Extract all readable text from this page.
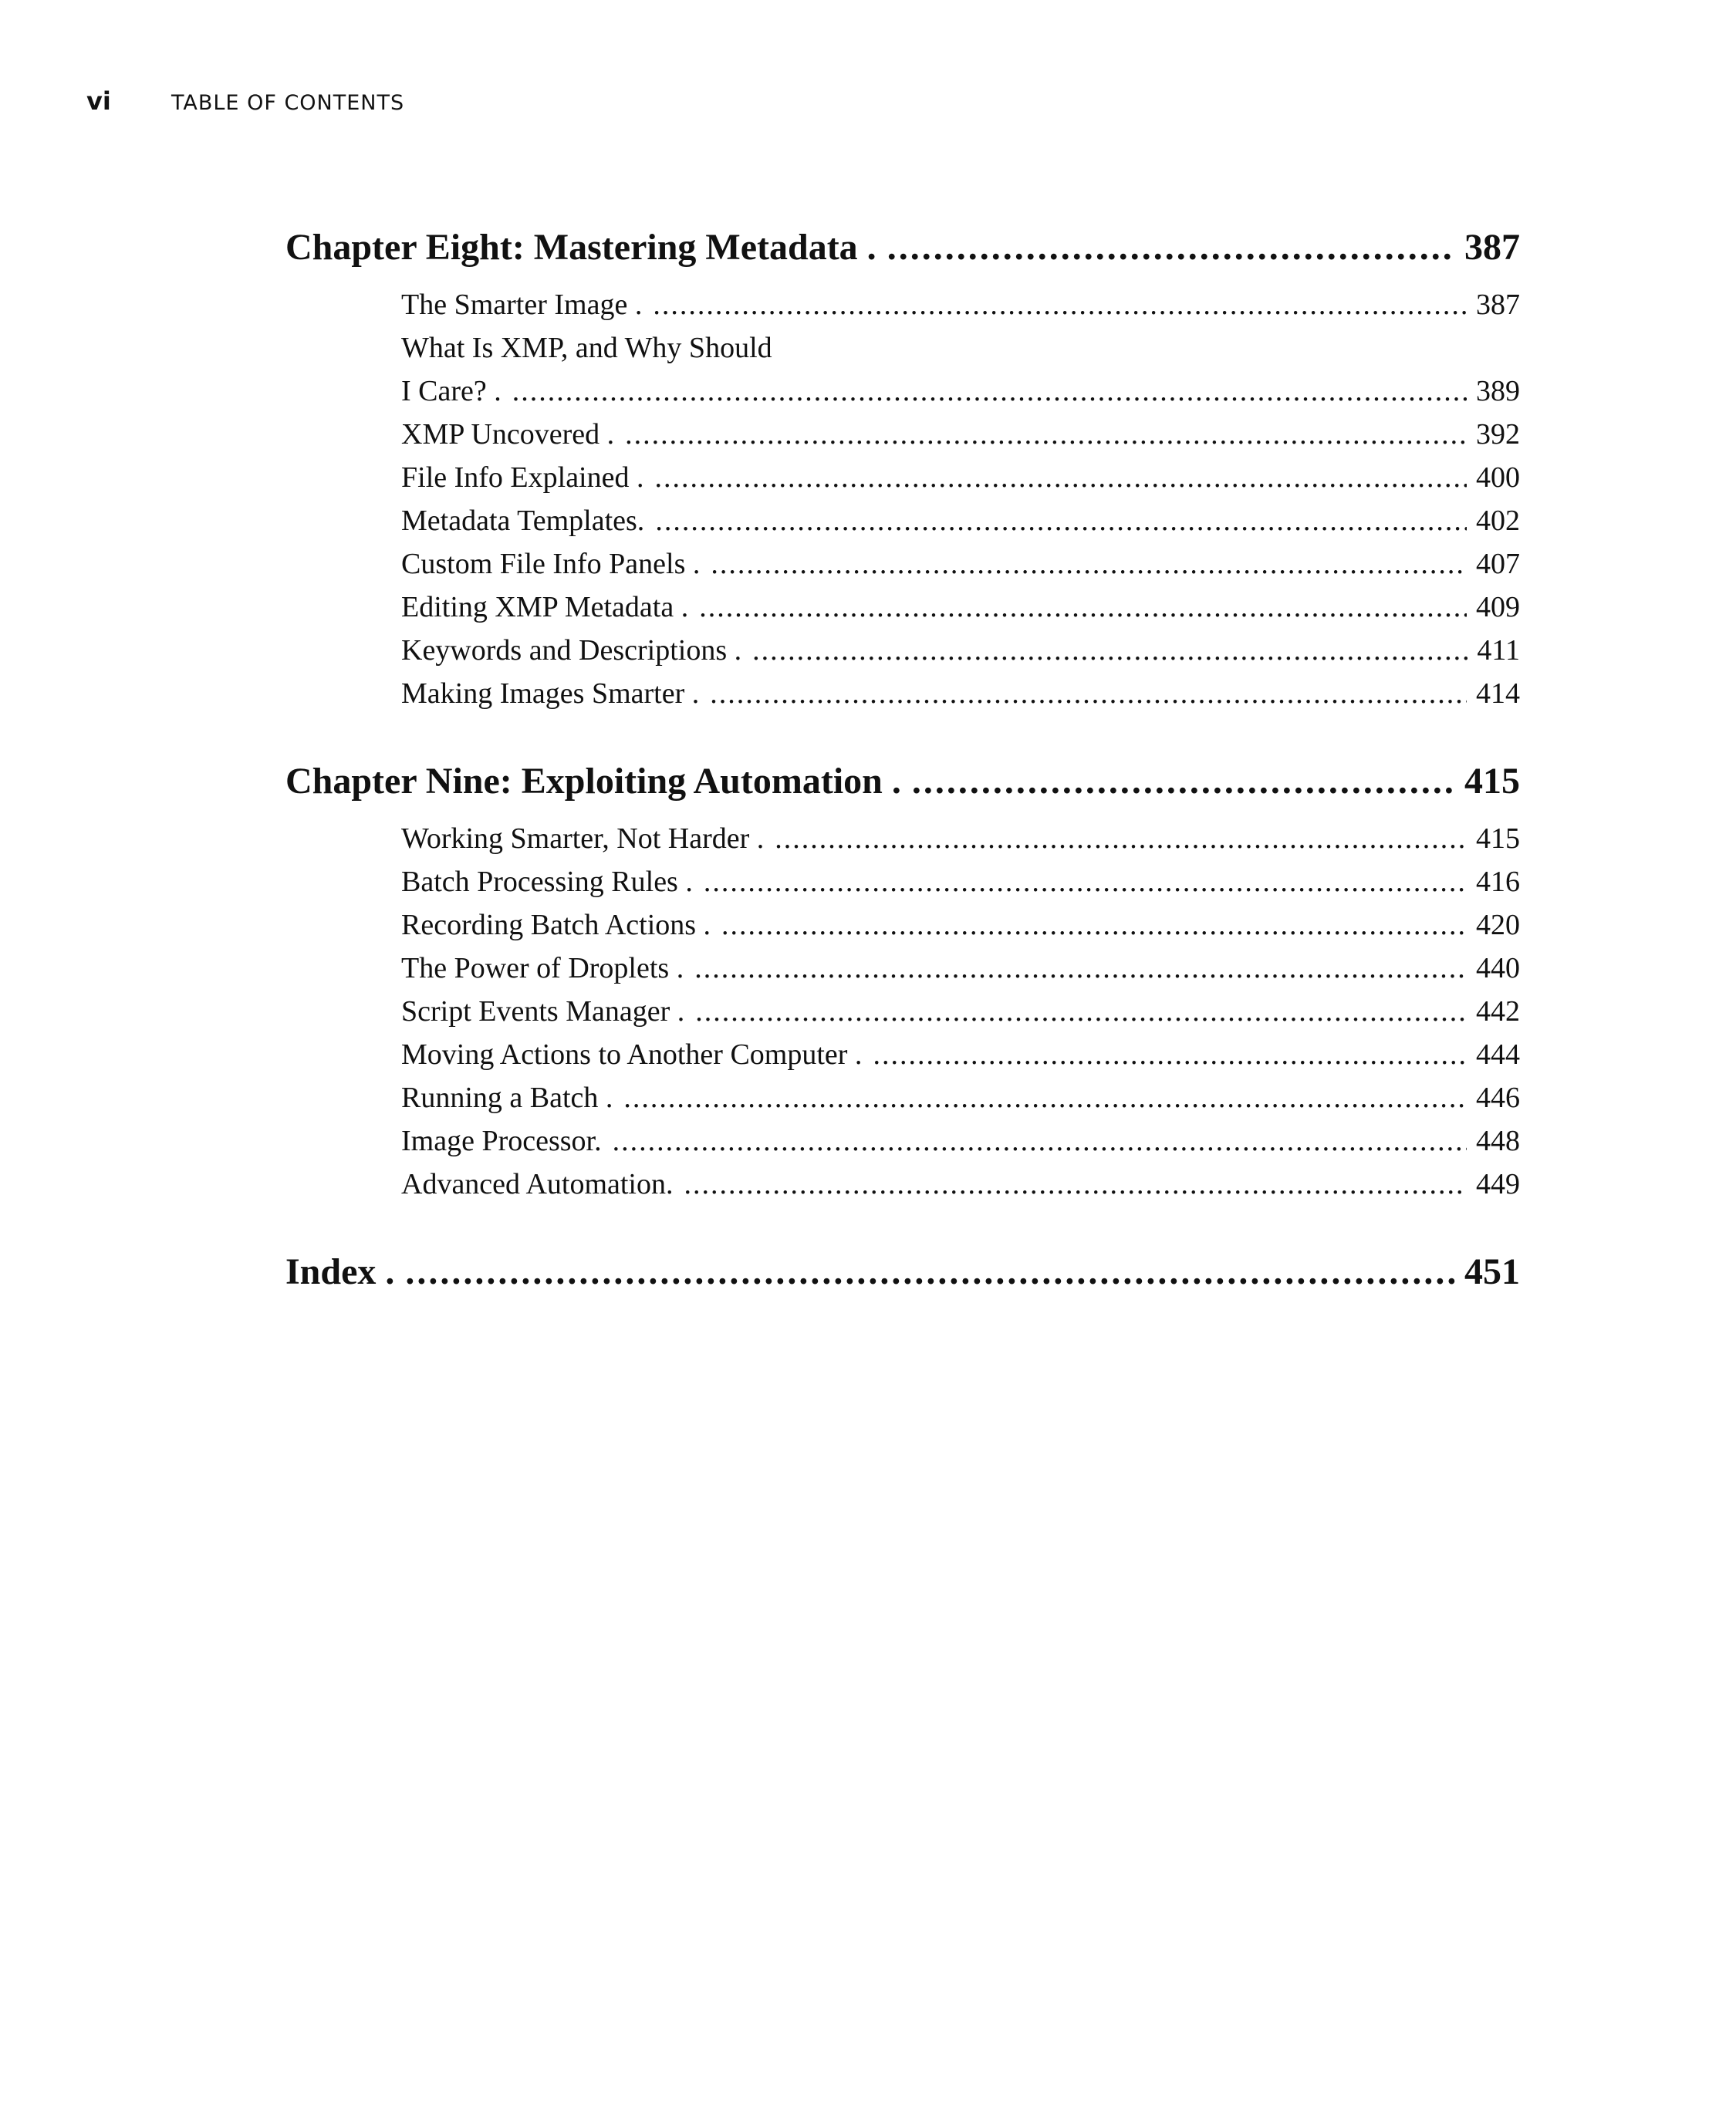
vi	TABLE OF CONTENTS
Chapter Eight: Mastering Metadata . .....	387
The Smarter Image . .....	387
What Is XMP, and Why Should
I Care? . .....	389
XMP Uncovered . .....	392
File Info Explained . .....	400
Metadata Templates. .....	402
Custom File Info Panels . .....	407
Editing XMP Metadata . .....	409
Keywords and Descriptions . .....	411
Making Images Smarter . .....	414
Chapter Nine: Exploiting Automation . .....	415
Working Smarter, Not Harder . .....	415
Batch Processing Rules . .....	416
Recording Batch Actions . .....	420
The Power of Droplets . .....	440
Script Events Manager . .....	442
Moving Actions to Another Computer . .....	444
Running a Batch . .....	446
Image Processor. .....	448
Advanced Automation. .....	449
Index . .....	451
